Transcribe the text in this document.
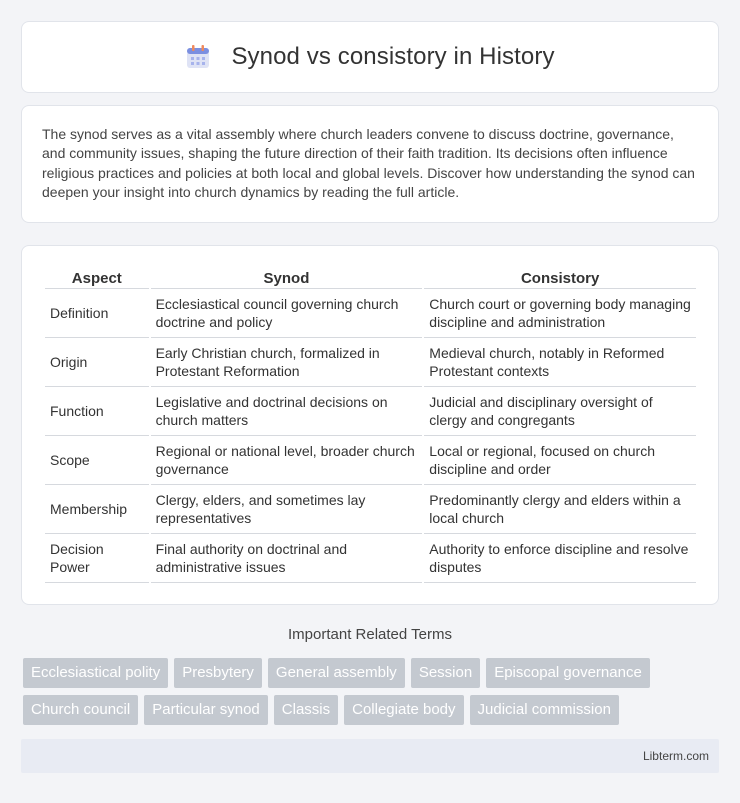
Synod vs consistory in History

The synod serves as a vital assembly where church leaders convene to discuss doctrine, governance, and community issues, shaping the future direction of their faith tradition. Its decisions often influence religious practices and policies at both local and global levels. Discover how understanding the synod can deepen your insight into church dynamics by reading the full article.

Aspect	Synod	Consistory
Definition	Ecclesiastical council governing church doctrine and policy	Church court or governing body managing discipline and administration
Origin	Early Christian church, formalized in Protestant Reformation	Medieval church, notably in Reformed Protestant contexts
Function	Legislative and doctrinal decisions on church matters	Judicial and disciplinary oversight of clergy and congregants
Scope	Regional or national level, broader church governance	Local or regional, focused on church discipline and order
Membership	Clergy, elders, and sometimes lay representatives	Predominantly clergy and elders within a local church
Decision Power	Final authority on doctrinal and administrative issues	Authority to enforce discipline and resolve disputes
Important Related Terms
Ecclesiastical polity	Presbytery	General assembly	Session	Episcopal governance
Church council	Particular synod	Classis	Collegiate body	Judicial commission
Libterm.com
